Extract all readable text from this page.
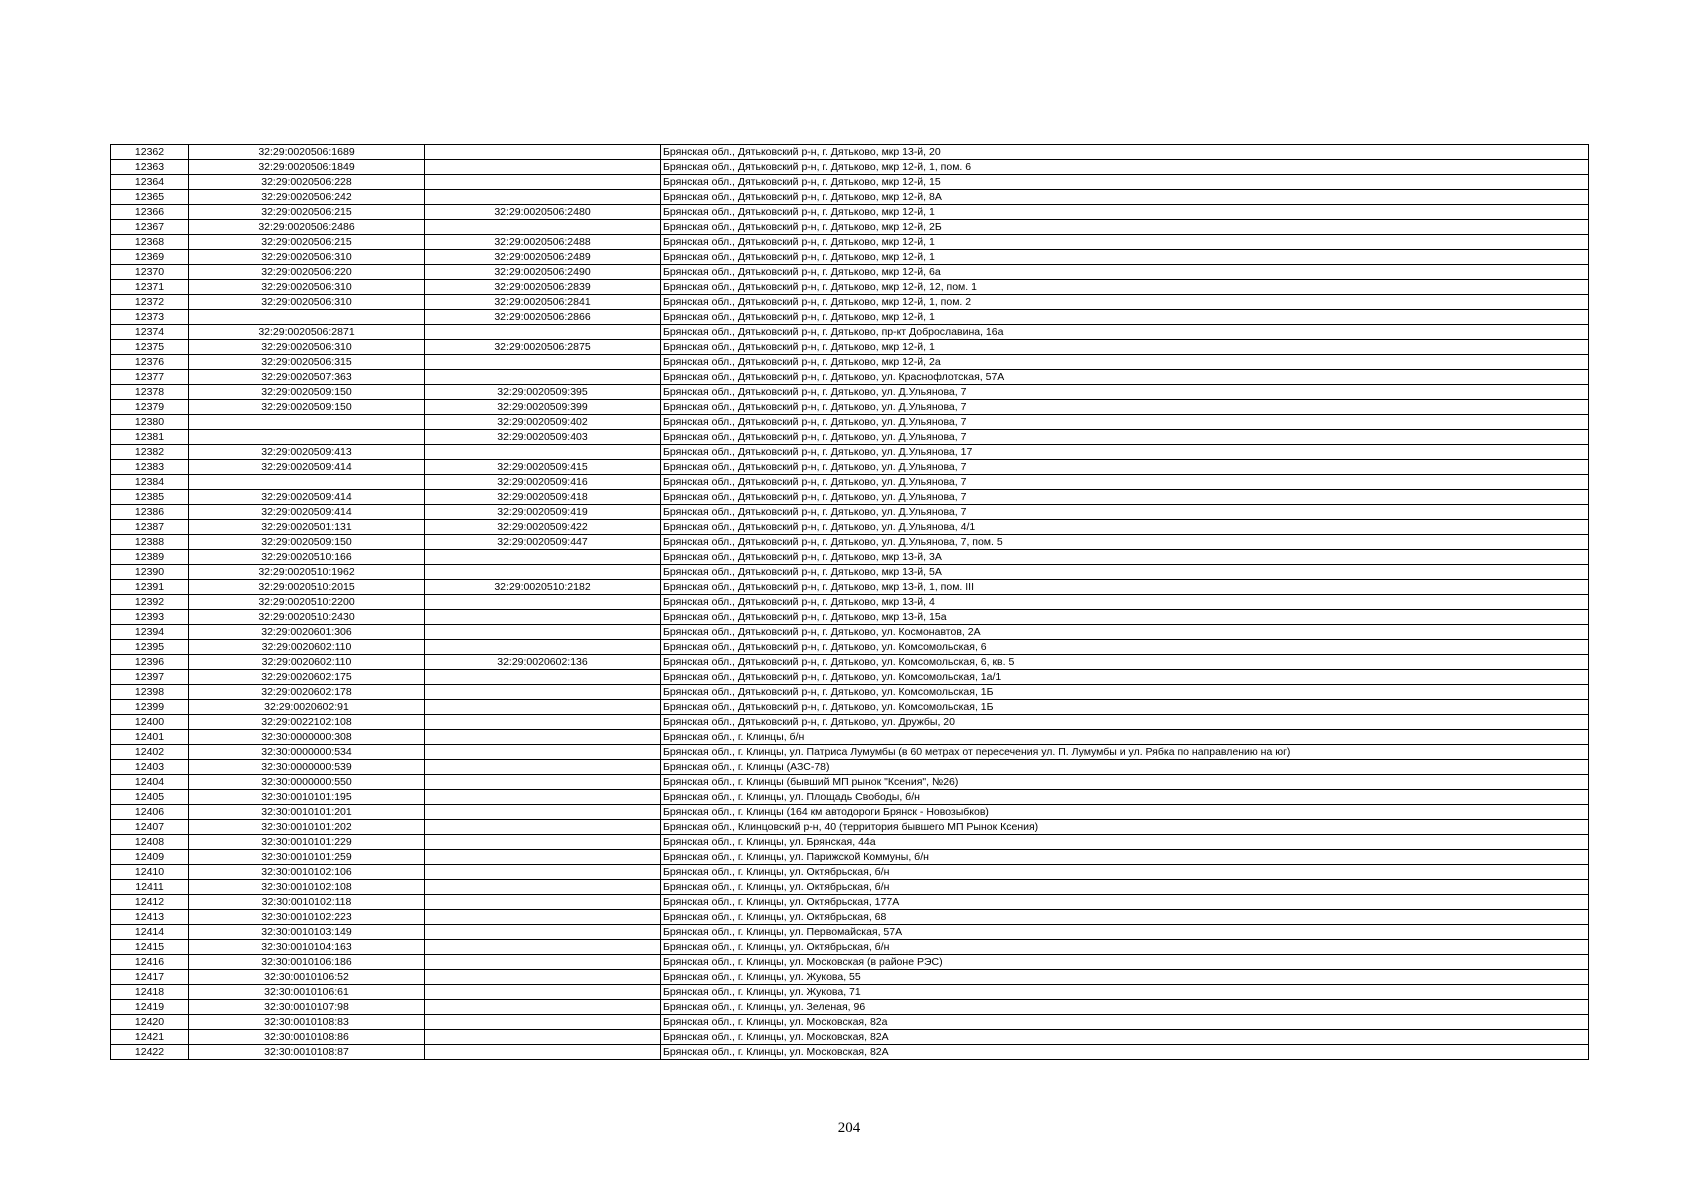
12362	32:29:0020506:1689		Брянская обл., Дятьковский р-н, г. Дятьково, мкр 13-й, 20
12363	32:29:0020506:1849		Брянская обл., Дятьковский р-н, г. Дятьково, мкр 12-й, 1, пом. 6
12364	32:29:0020506:228		Брянская обл., Дятьковский р-н, г. Дятьково, мкр 12-й, 15
12365	32:29:0020506:242		Брянская обл., Дятьковский р-н, г. Дятьково, мкр 12-й, 8А
12366	32:29:0020506:215	32:29:0020506:2480	Брянская обл., Дятьковский р-н, г. Дятьково, мкр 12-й, 1
12367	32:29:0020506:2486		Брянская обл., Дятьковский р-н, г. Дятьково, мкр 12-й, 2Б
12368	32:29:0020506:215	32:29:0020506:2488	Брянская обл., Дятьковский р-н, г. Дятьково, мкр 12-й, 1
12369	32:29:0020506:310	32:29:0020506:2489	Брянская обл., Дятьковский р-н, г. Дятьково, мкр 12-й, 1
12370	32:29:0020506:220	32:29:0020506:2490	Брянская обл., Дятьковский р-н, г. Дятьково, мкр 12-й, 6а
12371	32:29:0020506:310	32:29:0020506:2839	Брянская обл., Дятьковский р-н, г. Дятьково, мкр 12-й, 12, пом. 1
12372	32:29:0020506:310	32:29:0020506:2841	Брянская обл., Дятьковский р-н, г. Дятьково, мкр 12-й, 1, пом. 2
12373		32:29:0020506:2866	Брянская обл., Дятьковский р-н, г. Дятьково, мкр 12-й, 1
12374	32:29:0020506:2871		Брянская обл., Дятьковский р-н, г. Дятьково, пр-кт Доброславина, 16а
12375	32:29:0020506:310	32:29:0020506:2875	Брянская обл., Дятьковский р-н, г. Дятьково, мкр 12-й, 1
12376	32:29:0020506:315		Брянская обл., Дятьковский р-н, г. Дятьково, мкр 12-й, 2а
12377	32:29:0020507:363		Брянская обл., Дятьковский р-н, г. Дятьково, ул. Краснофлотская, 57А
12378	32:29:0020509:150	32:29:0020509:395	Брянская обл., Дятьковский р-н, г. Дятьково, ул. Д.Ульянова, 7
12379	32:29:0020509:150	32:29:0020509:399	Брянская обл., Дятьковский р-н, г. Дятьково, ул. Д.Ульянова, 7
12380		32:29:0020509:402	Брянская обл., Дятьковский р-н, г. Дятьково, ул. Д.Ульянова, 7
12381		32:29:0020509:403	Брянская обл., Дятьковский р-н, г. Дятьково, ул. Д.Ульянова, 7
12382	32:29:0020509:413		Брянская обл., Дятьковский р-н, г. Дятьково, ул. Д.Ульянова, 17
12383	32:29:0020509:414	32:29:0020509:415	Брянская обл., Дятьковский р-н, г. Дятьково, ул. Д.Ульянова, 7
12384		32:29:0020509:416	Брянская обл., Дятьковский р-н, г. Дятьково, ул. Д.Ульянова, 7
12385	32:29:0020509:414	32:29:0020509:418	Брянская обл., Дятьковский р-н, г. Дятьково, ул. Д.Ульянова, 7
12386	32:29:0020509:414	32:29:0020509:419	Брянская обл., Дятьковский р-н, г. Дятьково, ул. Д.Ульянова, 7
12387	32:29:0020501:131	32:29:0020509:422	Брянская обл., Дятьковский р-н, г. Дятьково, ул. Д.Ульянова, 4/1
12388	32:29:0020509:150	32:29:0020509:447	Брянская обл., Дятьковский р-н, г. Дятьково, ул. Д.Ульянова, 7, пом. 5
12389	32:29:0020510:166		Брянская обл., Дятьковский р-н, г. Дятьково, мкр 13-й, 3А
12390	32:29:0020510:1962		Брянская обл., Дятьковский р-н, г. Дятьково, мкр 13-й, 5А
12391	32:29:0020510:2015	32:29:0020510:2182	Брянская обл., Дятьковский р-н, г. Дятьково, мкр 13-й, 1, пом. III
12392	32:29:0020510:2200		Брянская обл., Дятьковский р-н, г. Дятьково, мкр 13-й, 4
12393	32:29:0020510:2430		Брянская обл., Дятьковский р-н, г. Дятьково, мкр 13-й, 15а
12394	32:29:0020601:306		Брянская обл., Дятьковский р-н, г. Дятьково, ул. Космонавтов, 2А
12395	32:29:0020602:110		Брянская обл., Дятьковский р-н, г. Дятьково, ул. Комсомольская, 6
12396	32:29:0020602:110	32:29:0020602:136	Брянская обл., Дятьковский р-н, г. Дятьково, ул. Комсомольская, 6, кв. 5
12397	32:29:0020602:175		Брянская обл., Дятьковский р-н, г. Дятьково, ул. Комсомольская, 1а/1
12398	32:29:0020602:178		Брянская обл., Дятьковский р-н, г. Дятьково, ул. Комсомольская, 1Б
12399	32:29:0020602:91		Брянская обл., Дятьковский р-н, г. Дятьково, ул. Комсомольская, 1Б
12400	32:29:0022102:108		Брянская обл., Дятьковский р-н, г. Дятьково, ул. Дружбы, 20
12401	32:30:0000000:308		Брянская обл., г. Клинцы, б/н
12402	32:30:0000000:534		Брянская обл., г. Клинцы, ул. Патриса Лумумбы (в 60 метрах от пересечения ул. П. Лумумбы и ул. Рябка по направлению на юг)
12403	32:30:0000000:539		Брянская обл., г. Клинцы (АЗС-78)
12404	32:30:0000000:550		Брянская обл., г. Клинцы (бывший МП рынок "Ксения", №26)
12405	32:30:0010101:195		Брянская обл., г. Клинцы, ул. Площадь Свободы, б/н
12406	32:30:0010101:201		Брянская обл., г. Клинцы (164 км автодороги Брянск - Новозыбков)
12407	32:30:0010101:202		Брянская обл., Клинцовский р-н, 40 (территория бывшего МП Рынок Ксения)
12408	32:30:0010101:229		Брянская обл., г. Клинцы, ул. Брянская, 44а
12409	32:30:0010101:259		Брянская обл., г. Клинцы, ул. Парижской Коммуны, б/н
12410	32:30:0010102:106		Брянская обл., г. Клинцы, ул. Октябрьская, б/н
12411	32:30:0010102:108		Брянская обл., г. Клинцы, ул. Октябрьская, б/н
12412	32:30:0010102:118		Брянская обл., г. Клинцы, ул. Октябрьская, 177А
12413	32:30:0010102:223		Брянская обл., г. Клинцы, ул. Октябрьская, 68
12414	32:30:0010103:149		Брянская обл., г. Клинцы, ул. Первомайская, 57А
12415	32:30:0010104:163		Брянская обл., г. Клинцы, ул. Октябрьская, б/н
12416	32:30:0010106:186		Брянская обл., г. Клинцы, ул. Московская (в районе РЭС)
12417	32:30:0010106:52		Брянская обл., г. Клинцы, ул. Жукова, 55
12418	32:30:0010106:61		Брянская обл., г. Клинцы, ул. Жукова, 71
12419	32:30:0010107:98		Брянская обл., г. Клинцы, ул. Зеленая, 96
12420	32:30:0010108:83		Брянская обл., г. Клинцы, ул. Московская, 82а
12421	32:30:0010108:86		Брянская обл., г. Клинцы, ул. Московская, 82А
12422	32:30:0010108:87		Брянская обл., г. Клинцы, ул. Московская, 82А
204
